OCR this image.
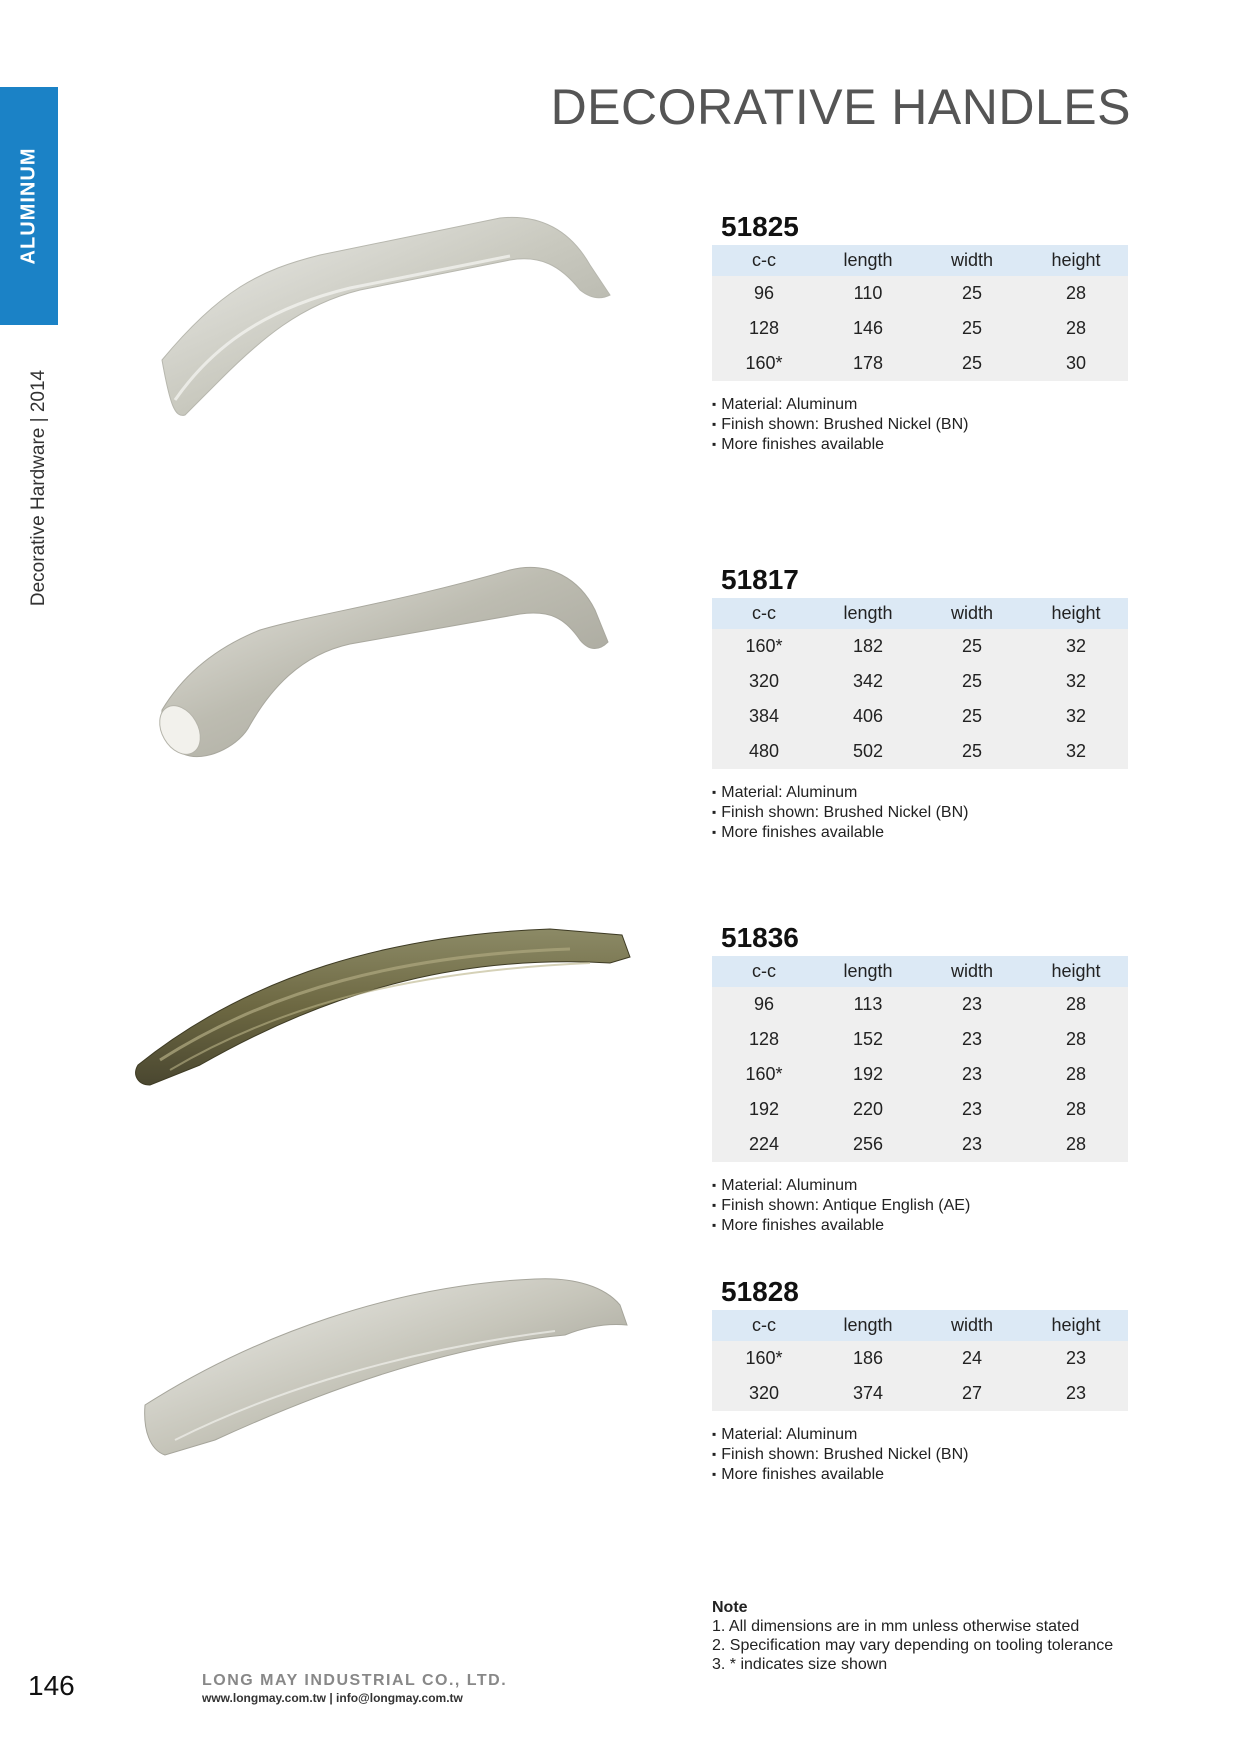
ALUMINUM
Decorative Hardware | 2014
DECORATIVE HANDLES
51825
c-c	length	width	height
96	110	25	28
128	146	25	28
160*	178	25	30
▪ Material: Aluminum
▪ Finish shown: Brushed Nickel (BN)
▪ More finishes available
51817
c-c	length	width	height
160*	182	25	32
320	342	25	32
384	406	25	32
480	502	25	32
▪ Material: Aluminum
▪ Finish shown: Brushed Nickel (BN)
▪ More finishes available
51836
c-c	length	width	height
96	113	23	28
128	152	23	28
160*	192	23	28
192	220	23	28
224	256	23	28
▪ Material: Aluminum
▪ Finish shown: Antique English (AE)
▪ More finishes available
51828
c-c	length	width	height
160*	186	24	23
320	374	27	23
▪ Material: Aluminum
▪ Finish shown: Brushed Nickel (BN)
▪ More finishes available
Note
1. All dimensions are in mm unless otherwise stated
2. Specification may vary depending on tooling tolerance
3. * indicates size shown
146	LONG MAY INDUSTRIAL CO., LTD.
www.longmay.com.tw | info@longmay.com.tw
